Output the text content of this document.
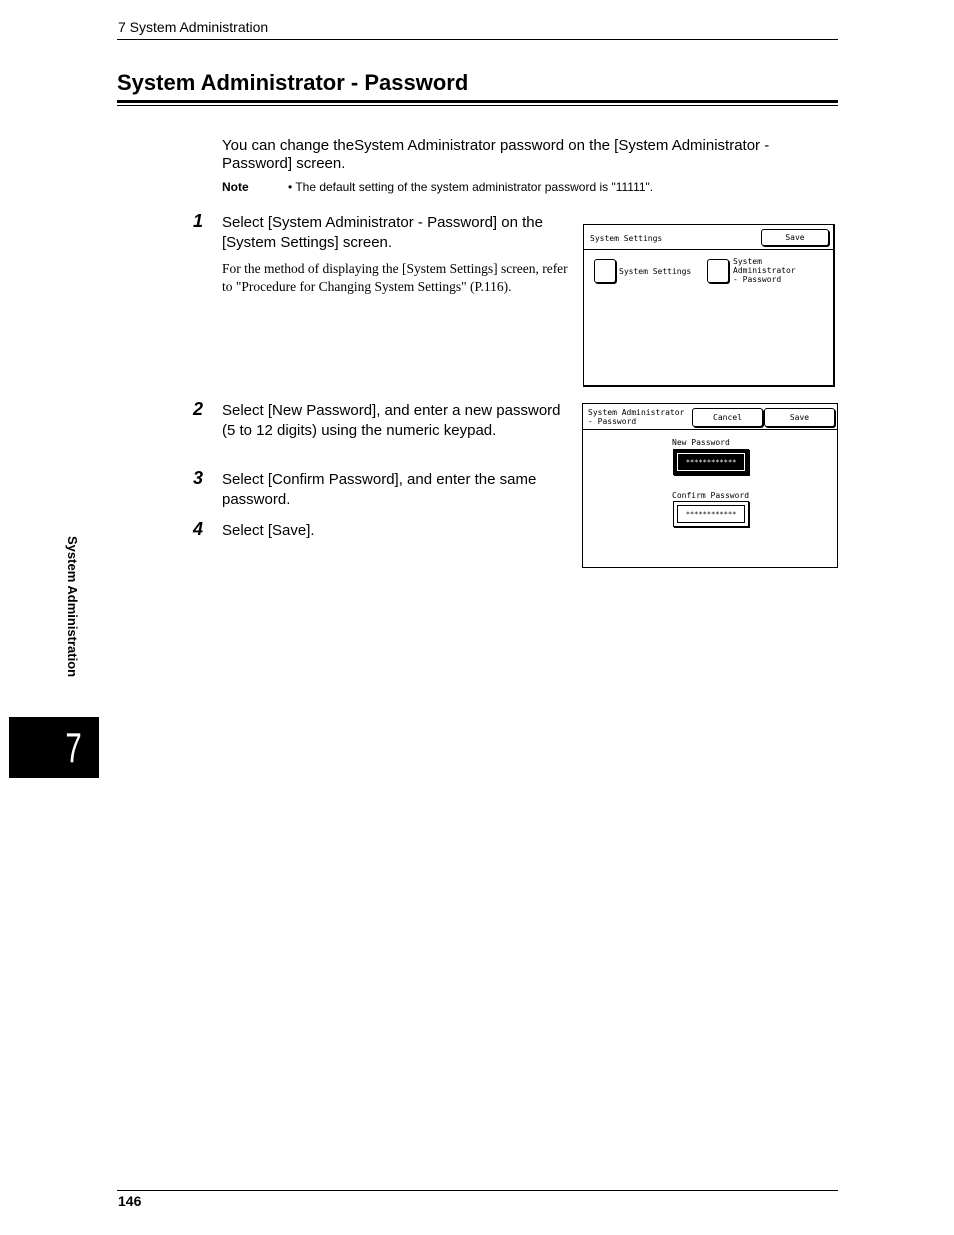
7 System Administration
System Administrator - Password
You can change theSystem Administrator password on the [System Administrator - Password] screen.
Note	• The default setting of the system administrator password is "11111".
1 Select [System Administrator - Password] on the [System Settings] screen.
For the method of displaying the [System Settings] screen, refer to "Procedure for Changing System Settings" (P.116).
System Settings	Save
System Settings
System
Administrator
- Password
2 Select [New Password], and enter a new password (5 to 12 digits) using the numeric keypad.
3 Select [Confirm Password], and enter the same password.
4 Select [Save].
System Administrator
- Password	Cancel	Save
New Password
∗∗∗∗∗∗∗∗∗∗∗∗
Confirm Password
∗∗∗∗∗∗∗∗∗∗∗∗
System Administration
7
146
